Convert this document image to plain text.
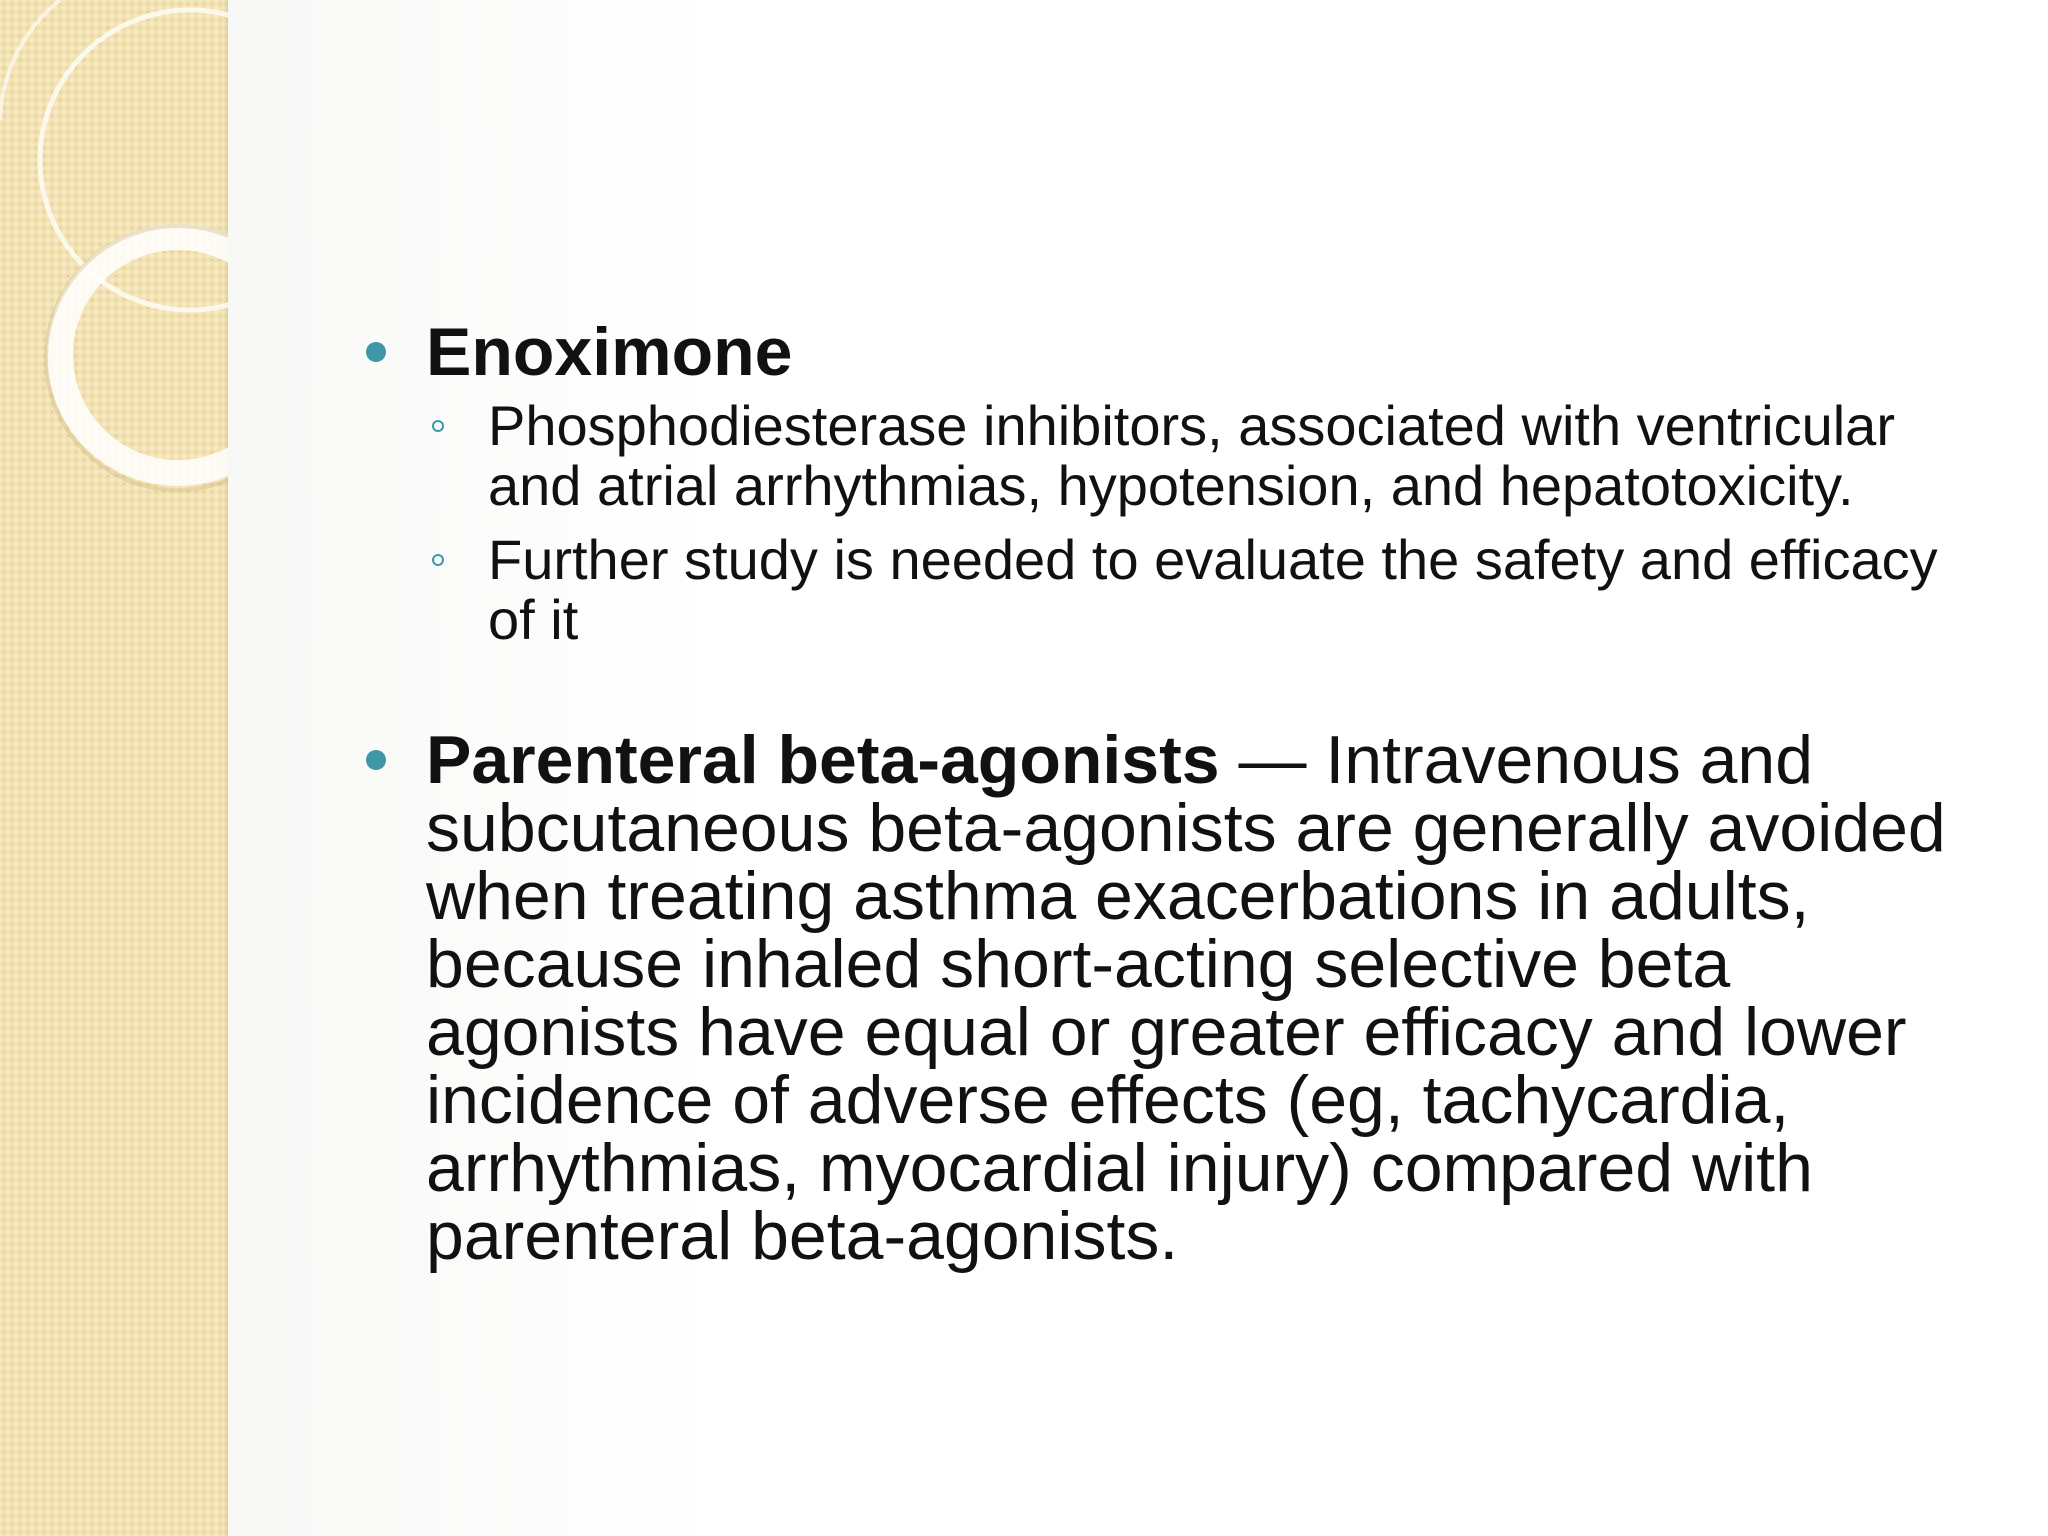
Enoximone
Phosphodiesterase inhibitors, associated with ventricular and atrial arrhythmias, hypotension, and hepatotoxicity.
Further study is needed to evaluate the safety and efficacy of it
Parenteral beta-agonists — Intravenous and subcutaneous beta-agonists are generally avoided when treating asthma exacerbations in adults, because inhaled short-acting selective beta agonists have equal or greater efficacy and lower incidence of adverse effects (eg, tachycardia, arrhythmias, myocardial injury) compared with parenteral beta-agonists.
